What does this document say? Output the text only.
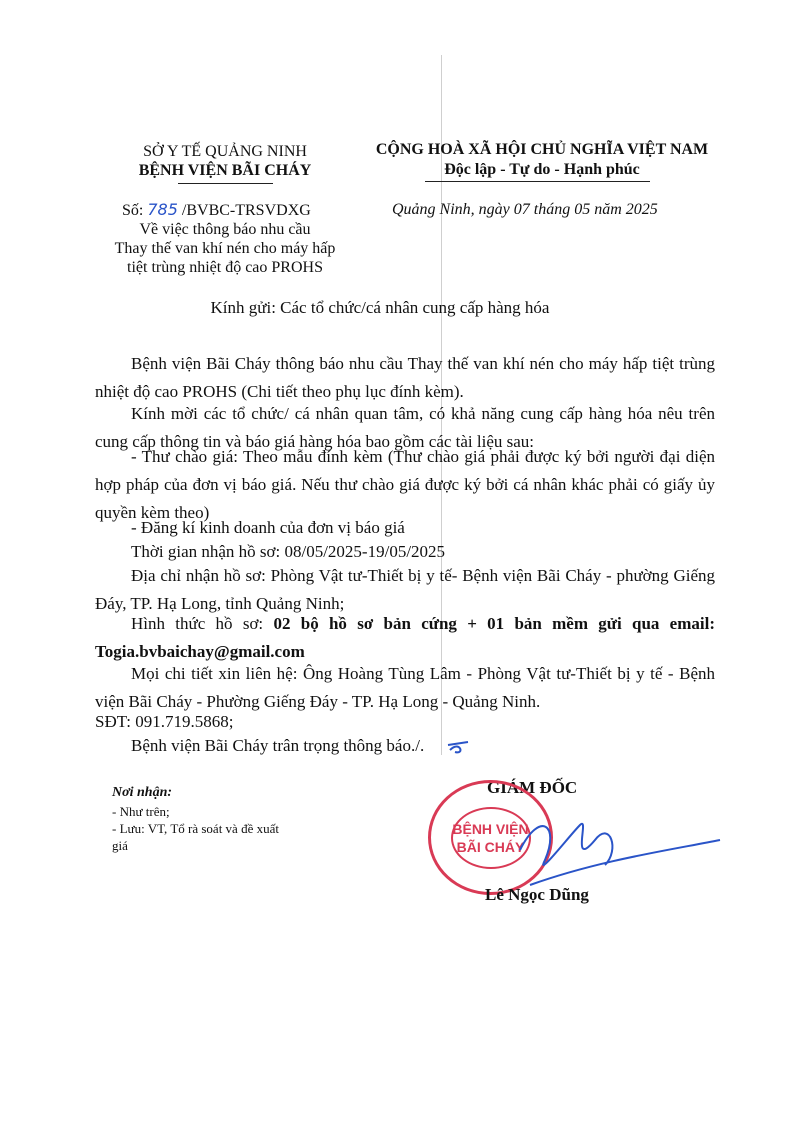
SỞ Y TẾ QUẢNG NINH
BỆNH VIỆN BÃI CHÁY
Số: 785 /BVBC-TRSVDXG
Về việc thông báo nhu cầu
Thay thế van khí nén cho máy hấp
tiệt trùng nhiệt độ cao PROHS
CỘNG HOÀ XÃ HỘI CHỦ NGHĨA VIỆT NAM
Độc lập - Tự do - Hạnh phúc
Quảng Ninh, ngày 07 tháng 05 năm 2025
Kính gửi: Các tổ chức/cá nhân cung cấp hàng hóa
Bệnh viện Bãi Cháy thông báo nhu cầu Thay thế van khí nén cho máy hấp tiệt trùng nhiệt độ cao PROHS (Chi tiết theo phụ lục đính kèm).
Kính mời các tổ chức/ cá nhân quan tâm, có khả năng cung cấp hàng hóa nêu trên cung cấp thông tin và báo giá hàng hóa bao gồm các tài liệu sau:
- Thư chào giá: Theo mẫu đính kèm (Thư chào giá phải được ký bởi người đại diện hợp pháp của đơn vị báo giá. Nếu thư chào giá được ký bởi cá nhân khác phải có giấy ủy quyền kèm theo)
- Đăng kí kinh doanh của đơn vị báo giá
Thời gian nhận hồ sơ: 08/05/2025-19/05/2025
Địa chỉ nhận hồ sơ: Phòng Vật tư-Thiết bị y tế- Bệnh viện Bãi Cháy - phường Giếng Đáy, TP. Hạ Long, tỉnh Quảng Ninh;
Hình thức hồ sơ: 02 bộ hồ sơ bản cứng + 01 bản mềm gửi qua email: Togia.bvbaichay@gmail.com
Mọi chi tiết xin liên hệ: Ông Hoàng Tùng Lâm - Phòng Vật tư-Thiết bị y tế - Bệnh viện Bãi Cháy - Phường Giếng Đáy - TP. Hạ Long - Quảng Ninh.
SĐT: 091.719.5868;
Bệnh viện Bãi Cháy trân trọng thông báo./.
Nơi nhận:
- Như trên;
- Lưu: VT, Tổ rà soát và đề xuất
giá
GIÁM ĐỐC
BỆNH VIỆN
BÃI CHÁY
Lê Ngọc Dũng
